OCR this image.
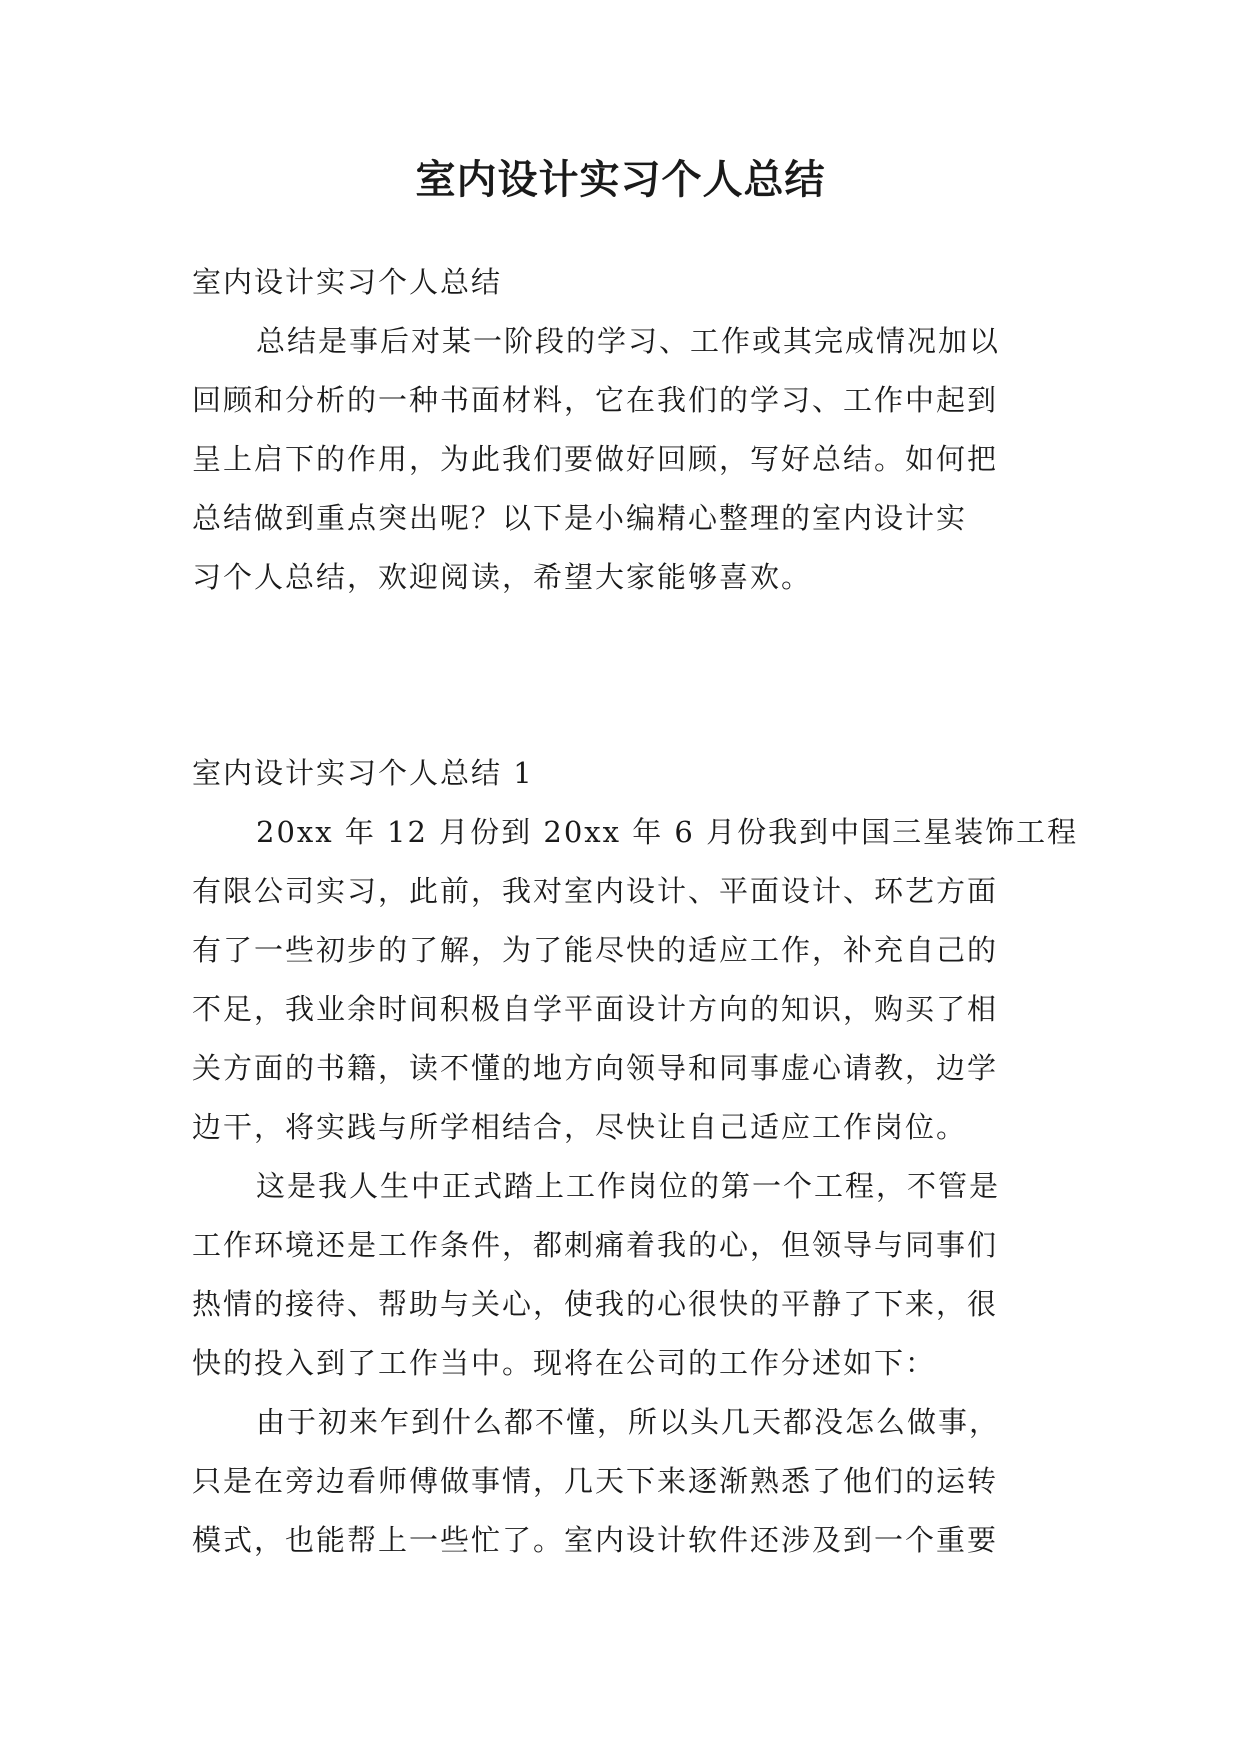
室内设计实习个人总结
室内设计实习个人总结
总结是事后对某一阶段的学习、工作或其完成情况加以
回顾和分析的一种书面材料，它在我们的学习、工作中起到
呈上启下的作用，为此我们要做好回顾，写好总结。如何把
总结做到重点突出呢？以下是小编精心整理的室内设计实
习个人总结，欢迎阅读，希望大家能够喜欢。
室内设计实习个人总结 1
20xx 年 12 月份到 20xx 年 6 月份我到中国三星装饰工程
有限公司实习，此前，我对室内设计、平面设计、环艺方面
有了一些初步的了解，为了能尽快的适应工作，补充自己的
不足，我业余时间积极自学平面设计方向的知识，购买了相
关方面的书籍，读不懂的地方向领导和同事虚心请教，边学
边干，将实践与所学相结合，尽快让自己适应工作岗位。
这是我人生中正式踏上工作岗位的第一个工程，不管是
工作环境还是工作条件，都刺痛着我的心，但领导与同事们
热情的接待、帮助与关心，使我的心很快的平静了下来，很
快的投入到了工作当中。现将在公司的工作分述如下：
由于初来乍到什么都不懂，所以头几天都没怎么做事，
只是在旁边看师傅做事情，几天下来逐渐熟悉了他们的运转
模式，也能帮上一些忙了。室内设计软件还涉及到一个重要
